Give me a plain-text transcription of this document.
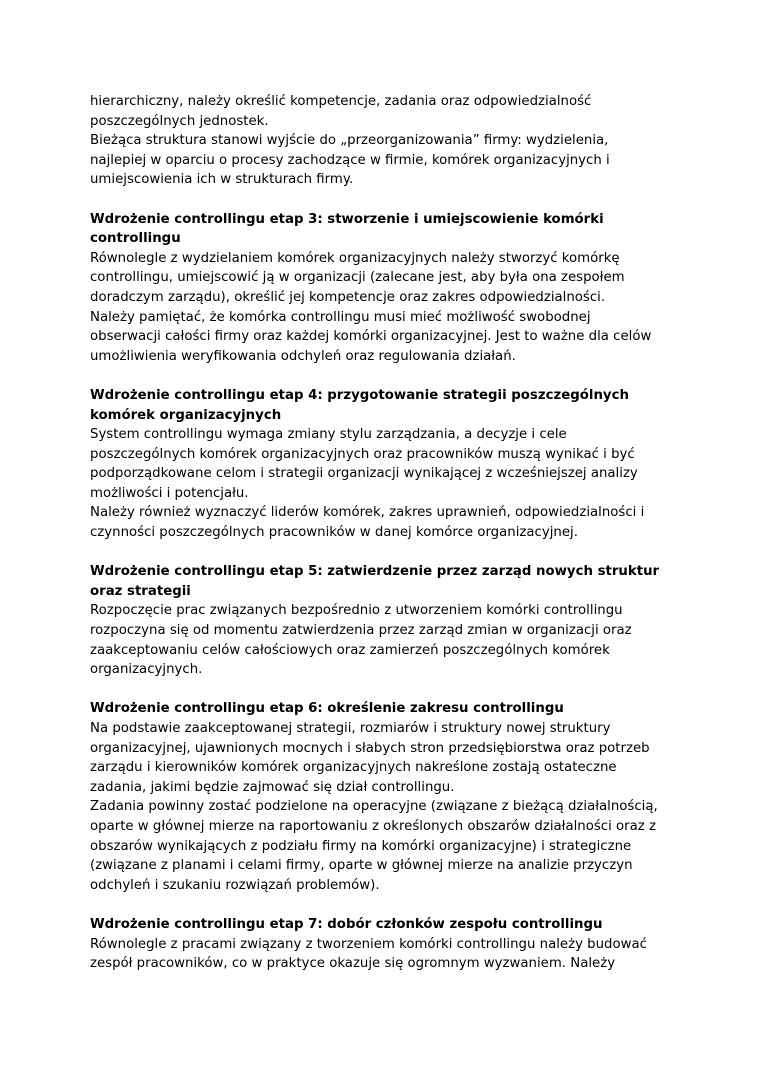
hierarchiczny, należy określić kompetencje, zadania oraz odpowiedzialność
poszczególnych jednostek.

Bieżąca struktura stanowi wyjście do „przeorganizowania” firmy: wydzielenia,
najlepiej w oparciu o procesy zachodzące w firmie, komórek organizacyjnych i
umiejscowienia ich w strukturach firmy.

Wdrożenie controllingu etap 3: stworzenie i umiejscowienie komórki
controllingu

Równolegle z wydzielaniem komórek organizacyjnych należy stworzyć komórkę
controllingu, umiejscowić ją w organizacji (zalecane jest, aby była ona zespołem
doradczym zarządu), określić jej kompetencje oraz zakres odpowiedzialności.

Należy pamiętać, że komórka controllingu musi mieć możliwość swobodnej
obserwacji całości firmy oraz każdej komórki organizacyjnej. Jest to ważne dla celów
umożliwienia weryfikowania odchyleń oraz regulowania działań.

Wdrożenie controllingu etap 4: przygotowanie strategii poszczególnych
komórek organizacyjnych

System controllingu wymaga zmiany stylu zarządzania, a decyzje i cele
poszczególnych komórek organizacyjnych oraz pracowników muszą wynikać i być
podporządkowane celom i strategii organizacji wynikającej z wcześniejszej analizy
możliwości i potencjału.

Należy również wyznaczyć liderów komórek, zakres uprawnień, odpowiedzialności i
czynności poszczególnych pracowników w danej komórce organizacyjnej.

Wdrożenie controllingu etap 5: zatwierdzenie przez zarząd nowych struktur
oraz strategii

Rozpoczęcie prac związanych bezpośrednio z utworzeniem komórki controllingu
rozpoczyna się od momentu zatwierdzenia przez zarząd zmian w organizacji oraz
zaakceptowaniu celów całościowych oraz zamierzeń poszczególnych komórek
organizacyjnych.

Wdrożenie controllingu etap 6: określenie zakresu controllingu

Na podstawie zaakceptowanej strategii, rozmiarów i struktury nowej struktury
organizacyjnej, ujawnionych mocnych i słabych stron przedsiębiorstwa oraz potrzeb
zarządu i kierowników komórek organizacyjnych nakreślone zostają ostateczne
zadania, jakimi będzie zajmować się dział controllingu.

Zadania powinny zostać podzielone na operacyjne (związane z bieżącą działalnością,
oparte w głównej mierze na raportowaniu z określonych obszarów działalności oraz z
obszarów wynikających z podziału firmy na komórki organizacyjne) i strategiczne
(związane z planami i celami firmy, oparte w głównej mierze na analizie przyczyn
odchyleń i szukaniu rozwiązań problemów).

Wdrożenie controllingu etap 7: dobór członków zespołu controllingu

Równolegle z pracami związany z tworzeniem komórki controllingu należy budować
zespół pracowników, co w praktyce okazuje się ogromnym wyzwaniem. Należy
